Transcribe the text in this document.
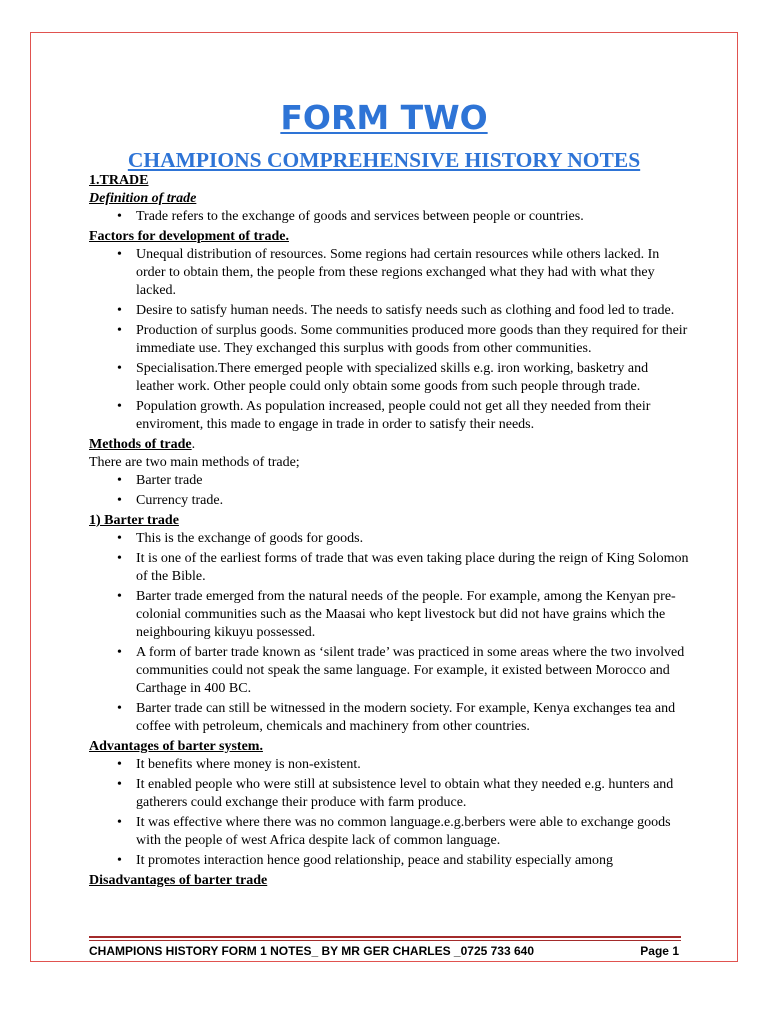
FORM TWO
CHAMPIONS COMPREHENSIVE HISTORY NOTES

1.TRADE

Definition of trade

• Trade refers to the exchange of goods and services between people or countries.

Factors for development of trade.

• Unequal distribution of resources. Some regions had certain resources while others lacked. In order to obtain them, the people from these regions exchanged what they had with what they lacked.
• Desire to satisfy human needs. The needs to satisfy needs such as clothing and food led to trade.
• Production of surplus goods. Some communities produced more goods than they required for their immediate use. They exchanged this surplus with goods from other communities.
• Specialisation.There emerged people with specialized skills e.g. iron working, basketry and leather work. Other people could only obtain some goods from such people through trade.
• Population growth. As population increased, people could not get all they needed from their enviroment, this made to engage in trade in order to satisfy their needs.

Methods of trade.

There are two main methods of trade;

• Barter trade
• Currency trade.

1) Barter trade

• This is the exchange of goods for goods.
• It is one of the earliest forms of trade that was even taking place during the reign of King Solomon of the Bible.
• Barter trade emerged from the natural needs of the people. For example, among the Kenyan pre-colonial communities such as the Maasai who kept livestock but did not have grains which the neighbouring kikuyu possessed.
• A form of barter trade known as ‘silent trade’ was practiced in some areas where the two involved communities could not speak the same language. For example, it existed between Morocco and Carthage in 400 BC.
• Barter trade can still be witnessed in the modern society. For example, Kenya exchanges tea and coffee with petroleum, chemicals and machinery from other countries.

Advantages of barter system.

• It benefits where money is non-existent.
• It enabled people who were still at subsistence level to obtain what they needed e.g. hunters and gatherers could exchange their produce with farm produce.
• It was effective where there was no common language.e.g.berbers were able to exchange goods with the people of west Africa despite lack of common language.
• It promotes interaction hence good relationship, peace and stability especially among

Disadvantages of barter trade

CHAMPIONS HISTORY FORM 1 NOTES_ BY MR GER CHARLES _0725 733 640	Page 1
